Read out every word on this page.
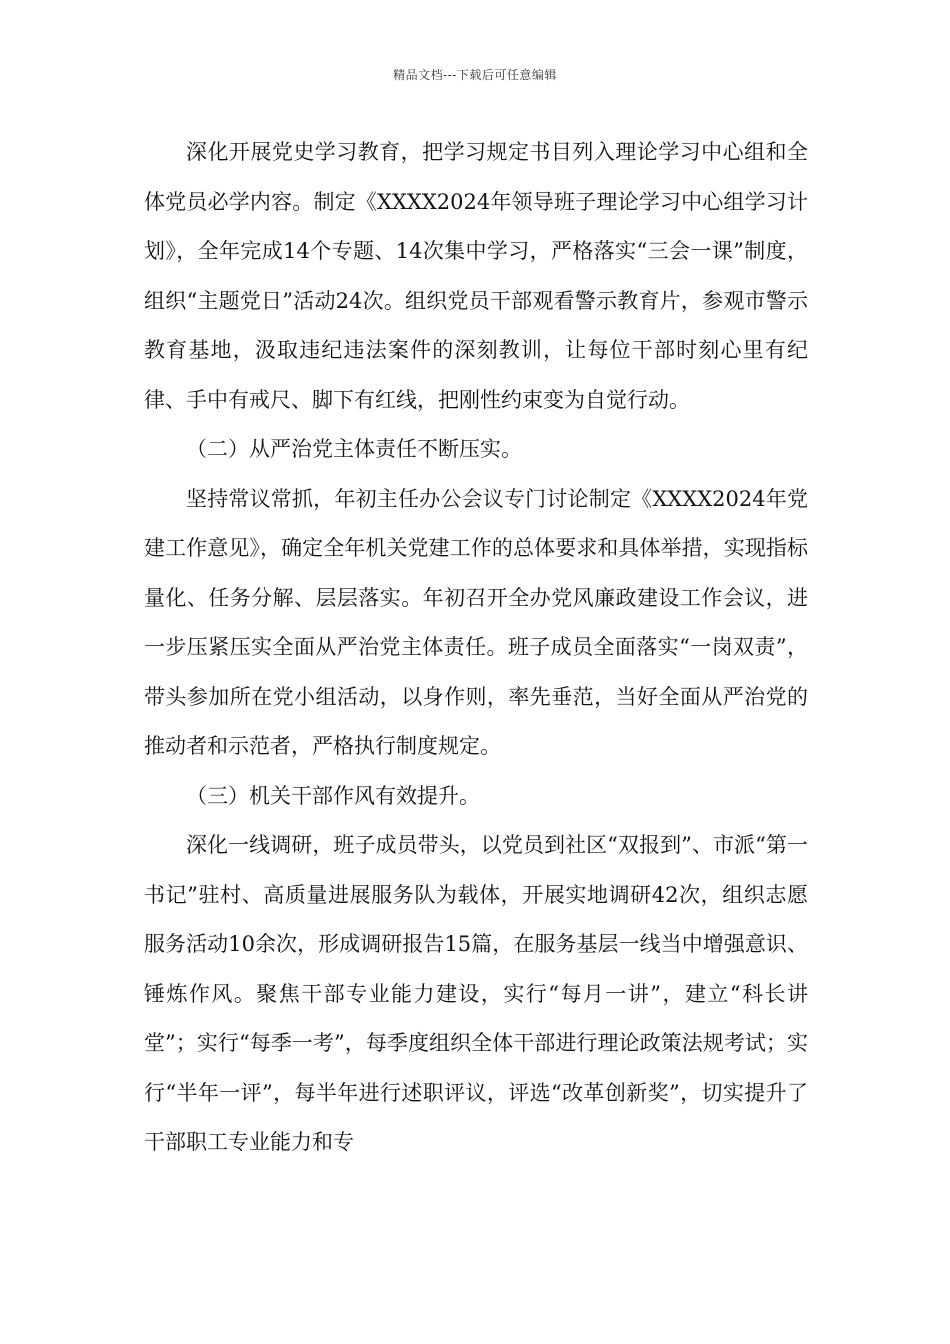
精品文档---下载后可任意编辑

深化开展党史学习教育，把学习规定书目列入理论学习中心组和全体党员必学内容。制定《XXXX2024年领导班子理论学习中心组学习计划》，全年完成14个专题、14次集中学习，严格落实“三会一课”制度，组织“主题党日”活动24次。组织党员干部观看警示教育片，参观市警示教育基地，汲取违纪违法案件的深刻教训，让每位干部时刻心里有纪律、手中有戒尺、脚下有红线，把刚性约束变为自觉行动。

（二）从严治党主体责任不断压实。

坚持常议常抓，年初主任办公会议专门讨论制定《XXXX2024年党建工作意见》，确定全年机关党建工作的总体要求和具体举措，实现指标量化、任务分解、层层落实。年初召开全办党风廉政建设工作会议，进一步压紧压实全面从严治党主体责任。班子成员全面落实“一岗双责”，带头参加所在党小组活动，以身作则，率先垂范，当好全面从严治党的推动者和示范者，严格执行制度规定。

（三）机关干部作风有效提升。

深化一线调研，班子成员带头，以党员到社区“双报到”、市派“第一书记”驻村、高质量进展服务队为载体，开展实地调研42次，组织志愿服务活动10余次，形成调研报告15篇，在服务基层一线当中增强意识、锤炼作风。聚焦干部专业能力建设，实行“每月一讲”，建立“科长讲堂”；实行“每季一考”，每季度组织全体干部进行理论政策法规考试；实行“半年一评”，每半年进行述职评议，评选“改革创新奖”，切实提升了干部职工专业能力和专
